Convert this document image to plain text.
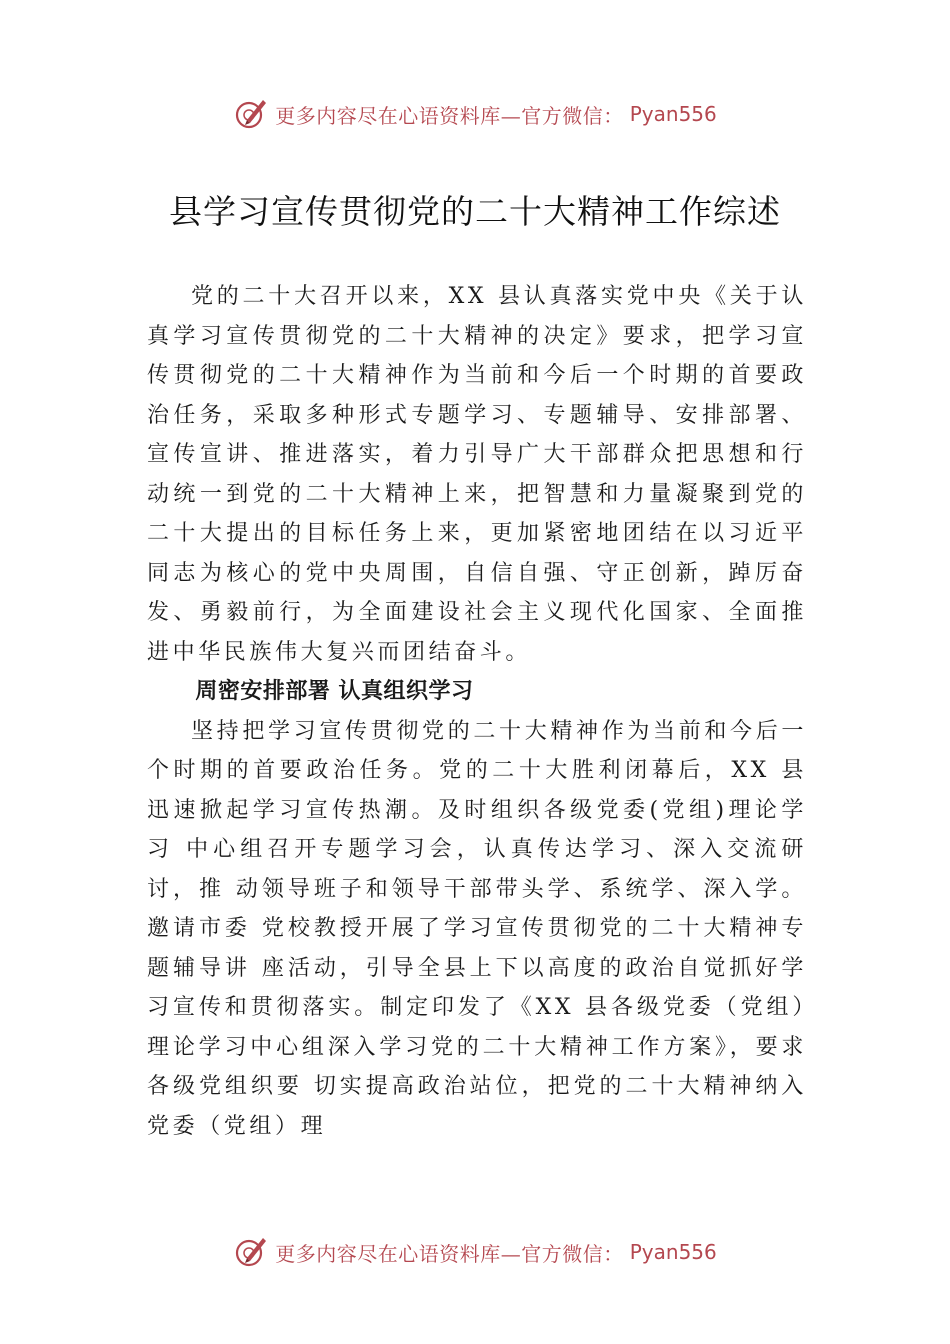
更多内容尽在心语资料库—官方微信： Pyan556
县学习宣传贯彻党的二十大精神工作综述

党的二十大召开以来，XX 县认真落实党中央《关于认真学习宣传贯彻党的二十大精神的决定》要求，把学习宣传贯彻党的二十大精神作为当前和今后一个时期的首要政治任务，采取多种形式专题学习、专题辅导、安排部署、宣传宣讲、推进落实，着力引导广大干部群众把思想和行动统一到党的二十大精神上来，把智慧和力量凝聚到党的二十大提出的目标任务上来，更加紧密地团结在以习近平同志为核心的党中央周围，自信自强、守正创新，踔厉奋发、勇毅前行，为全面建设社会主义现代化国家、全面推进中华民族伟大复兴而团结奋斗。

周密安排部署 认真组织学习

坚持把学习宣传贯彻党的二十大精神作为当前和今后一个时期的首要政治任务。党的二十大胜利闭幕后，XX 县迅速掀起学习宣传热潮。及时组织各级党委(党组)理论学习 中心组召开专题学习会，认真传达学习、深入交流研讨，推 动领导班子和领导干部带头学、系统学、深入学。邀请市委 党校教授开展了学习宣传贯彻党的二十大精神专题辅导讲 座活动，引导全县上下以高度的政治自觉抓好学习宣传和贯彻落实。制定印发了《XX 县各级党委（党组）理论学习中心组深入学习党的二十大精神工作方案》，要求各级党组织要 切实提高政治站位，把党的二十大精神纳入党委（党组）理

更多内容尽在心语资料库—官方微信： Pyan556
